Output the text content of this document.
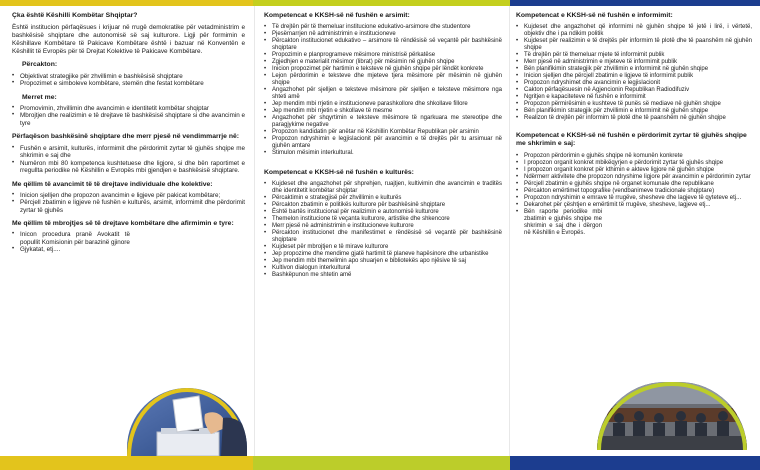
Çka është Këshilli Kombëtar Shqiptar?
Është institucion përfaqësues i krijuar në rrugë demokratike për vetadministrim e bashkësisë shqiptare dhe autonomisë së saj kulturore. Ligji për formimin e Këshillave Kombëtare të Pakicave Kombëtare është i bazuar në Konventën e Këshillit të Evropës për të Drejtat Kolektive të Pakicave Kombëtare.
Përcakton:
• Objektivat strategjike për zhvillimin e bashkësisë shqiptare
• Propozimet e simboleve kombëtare, stemën dhe festat kombëtare
Merret me:
• Promovimin, zhvillimin dhe avancimin e identitetit kombëtar shqiptar
• Mbrojtjen dhe realizimin e të drejtave të bashkësisë shqiptare si dhe avancimin e tyre
Përfaqëson bashkësinë shqiptare dhe merr pjesë në vendimmarrje në:
• Fushën e arsimit, kulturës, informimit dhe përdorimit zyrtar të gjuhës shqipe me shkrimin e saj dhe
• Numëron mbi 80 kompetenca kushtetuese dhe ligjore, si dhe bën raportimet e rregullta periodike në Këshillin e Evropës mbi gjendjen e bashkësisë shqiptare.
Me qëllim të avancimit të të drejtave individuale dhe kolektive:
• Inicion sjelljen dhe propozon avancimin e ligjeve për pakicat kombëtare;
• Përcjell zbatimin e ligjeve në fushën e kulturës, arsimit, informimit dhe përdorimit zyrtar të gjuhës
Me qëllim të mbrojtjes së të drejtave kombëtare dhe afirmimin e tyre:
• Inicon procedura pranë Avokatit të popullit Komisionin për barazinë gjinore
• Gjykatat, etj....
Kompetencat e KKSH-së në fushën e arsimit:
• Të drejtën për të themeluar institucione edukativo-arsimore dhe studentore
• Pjesëmarrjen në administrimin e institucioneve
• Përcakton institucionet edukativo – arsimore të rëndësisë së veçantë për bashkësinë shqiptare
• Propozimin e planprogrameve mësimore ministrisë përkatëse
• Zgjedhjen e materialit mësimor (librat) për mësimin në gjuhën shqipe
• Inicion propozimet për hartimin e teksteve në gjuhën shqipe për lëndët konkrete
• Lejon përdorimin e teksteve dhe mjeteve tjera mësimore për mësimin në gjuhën shqipe
• Angazhohet për sjelljen e teksteve mësimore për sjelljen e teksteve mësimore nga shteti amë
• Jep mendim mbi rrjetin e institucioneve parashkollore dhe shkollave fillore
• Jep mendim mbi rrjetin e shkollave të mesme
• Angazhohet për shqyrtimin e teksteve mësimore të ngarkuara me stereotipe dhe paragjykime negative
• Propozon kandidatin për anëtar në Këshillin Kombëtar Republikan për arsimin
• Propozon ndryshimin e legjislacionit për avancimin e të drejtës për tu arsimuar në gjuhën amtare
• Stimulon mësimin interkultural.
Kompetencat e KKSH-së në fushën e kulturës:
• Kujdeset dhe angazhohet për shprehjen, ruajtjen, kultivimin dhe avancimin e traditës dhe identitetit kombëtar shqiptar
• Përcaktimin e strategjisë për zhvillimin e kulturës
• Përcakton zbatimin e politikës kulturore për bashkësinë shqiptare
• Është bartës institucional për realizimin e autonomisë kulturore
• Themelon institucione të veçanta kulturore, artistike dhe shkencore
• Merr pjesë në administrimin e institucioneve kulturore
• Përcakton institucionet dhe manifestimet e rëndësisë së veçantë për bashkësinë shqiptare
• Kujdeset për mbrojtjen e të mirave kulturore
• Jep propozime dhe mendime gjatë hartimit të planeve hapësinore dhe urbanistike
• Jep mendim mbi themelimin apo shuarjen e bibliotekës apo njësive të saj
• Kultivon dialogun interkultural
• Bashkëpunon me shtetin amë
Kompetencat e KKSH-së në fushën e informimit:
• Kujdeset dhe angazhohet që informimi në gjuhën shqipe të jetë i lirë, i vërtetë, objektiv dhe i pa ndikim politik
• Kujdeset për realizimin e të drejtës për informim të plotë dhe të paanshëm në gjuhën shqipe
• Të drejtën për të themeluar mjete të informimit publik
• Merr pjesë në administrimin e mjeteve të informimit publik
• Bën planifikimin strategjik për zhvillimin e informimit në gjuhën shqipe
• Inicion sjelljen dhe përcjell zbatimin e ligjeve të informimit publik
• Propozon ndryshimet dhe avancimin e legjislacionit
• Cakton përfaqësuesin në Agjencionin Republikan Radiodifuziv
• Ngritjen e kapaciteteve në fushën e informimit
• Propozon përmirësimin e kushteve të punës së mediave në gjuhën shqipe
• Bën planifikimin strategjik për zhvillimin e informimit në gjuhën shqipe
• Realizon të drejtën për informim të plotë dhe të paanshëm në gjuhën shqipe
Kompetencat e KKSH-së në fushën e përdorimit zyrtar të gjuhës shqipe me shkrimin e saj:
• Propozon përdorimin e gjuhës shqipe në komunën konkrete
• I propozon organit konkret mbikëqyrjen e përdorimit zyrtar të gjuhës shqipe
• I propozon organit konkret për kthimin e akteve ligjore në gjuhën shqipe
• Ndërmerr aktivitete dhe propozon ndryshime ligjore për avancimin e përdorimin zyrtar
• Përcjell zbatimin e gjuhës shqipe në organet komunale dhe republikane
• Përcakton emërtimet topografike (vendbanimeve tradicionale shqiptare)
• Propozon ndryshimin e emrave të rrugëve, shesheve dhe lagjeve të qyteteve etj...
• Dekarohet për çështjen e emërtimit të rrugëve, shesheve, lagjeve etj...
• Bën raporte periodike mbi zbatimin e gjuhës shqipe me shkrimin e saj dhe i dërgon në Këshillin e Evropës.
